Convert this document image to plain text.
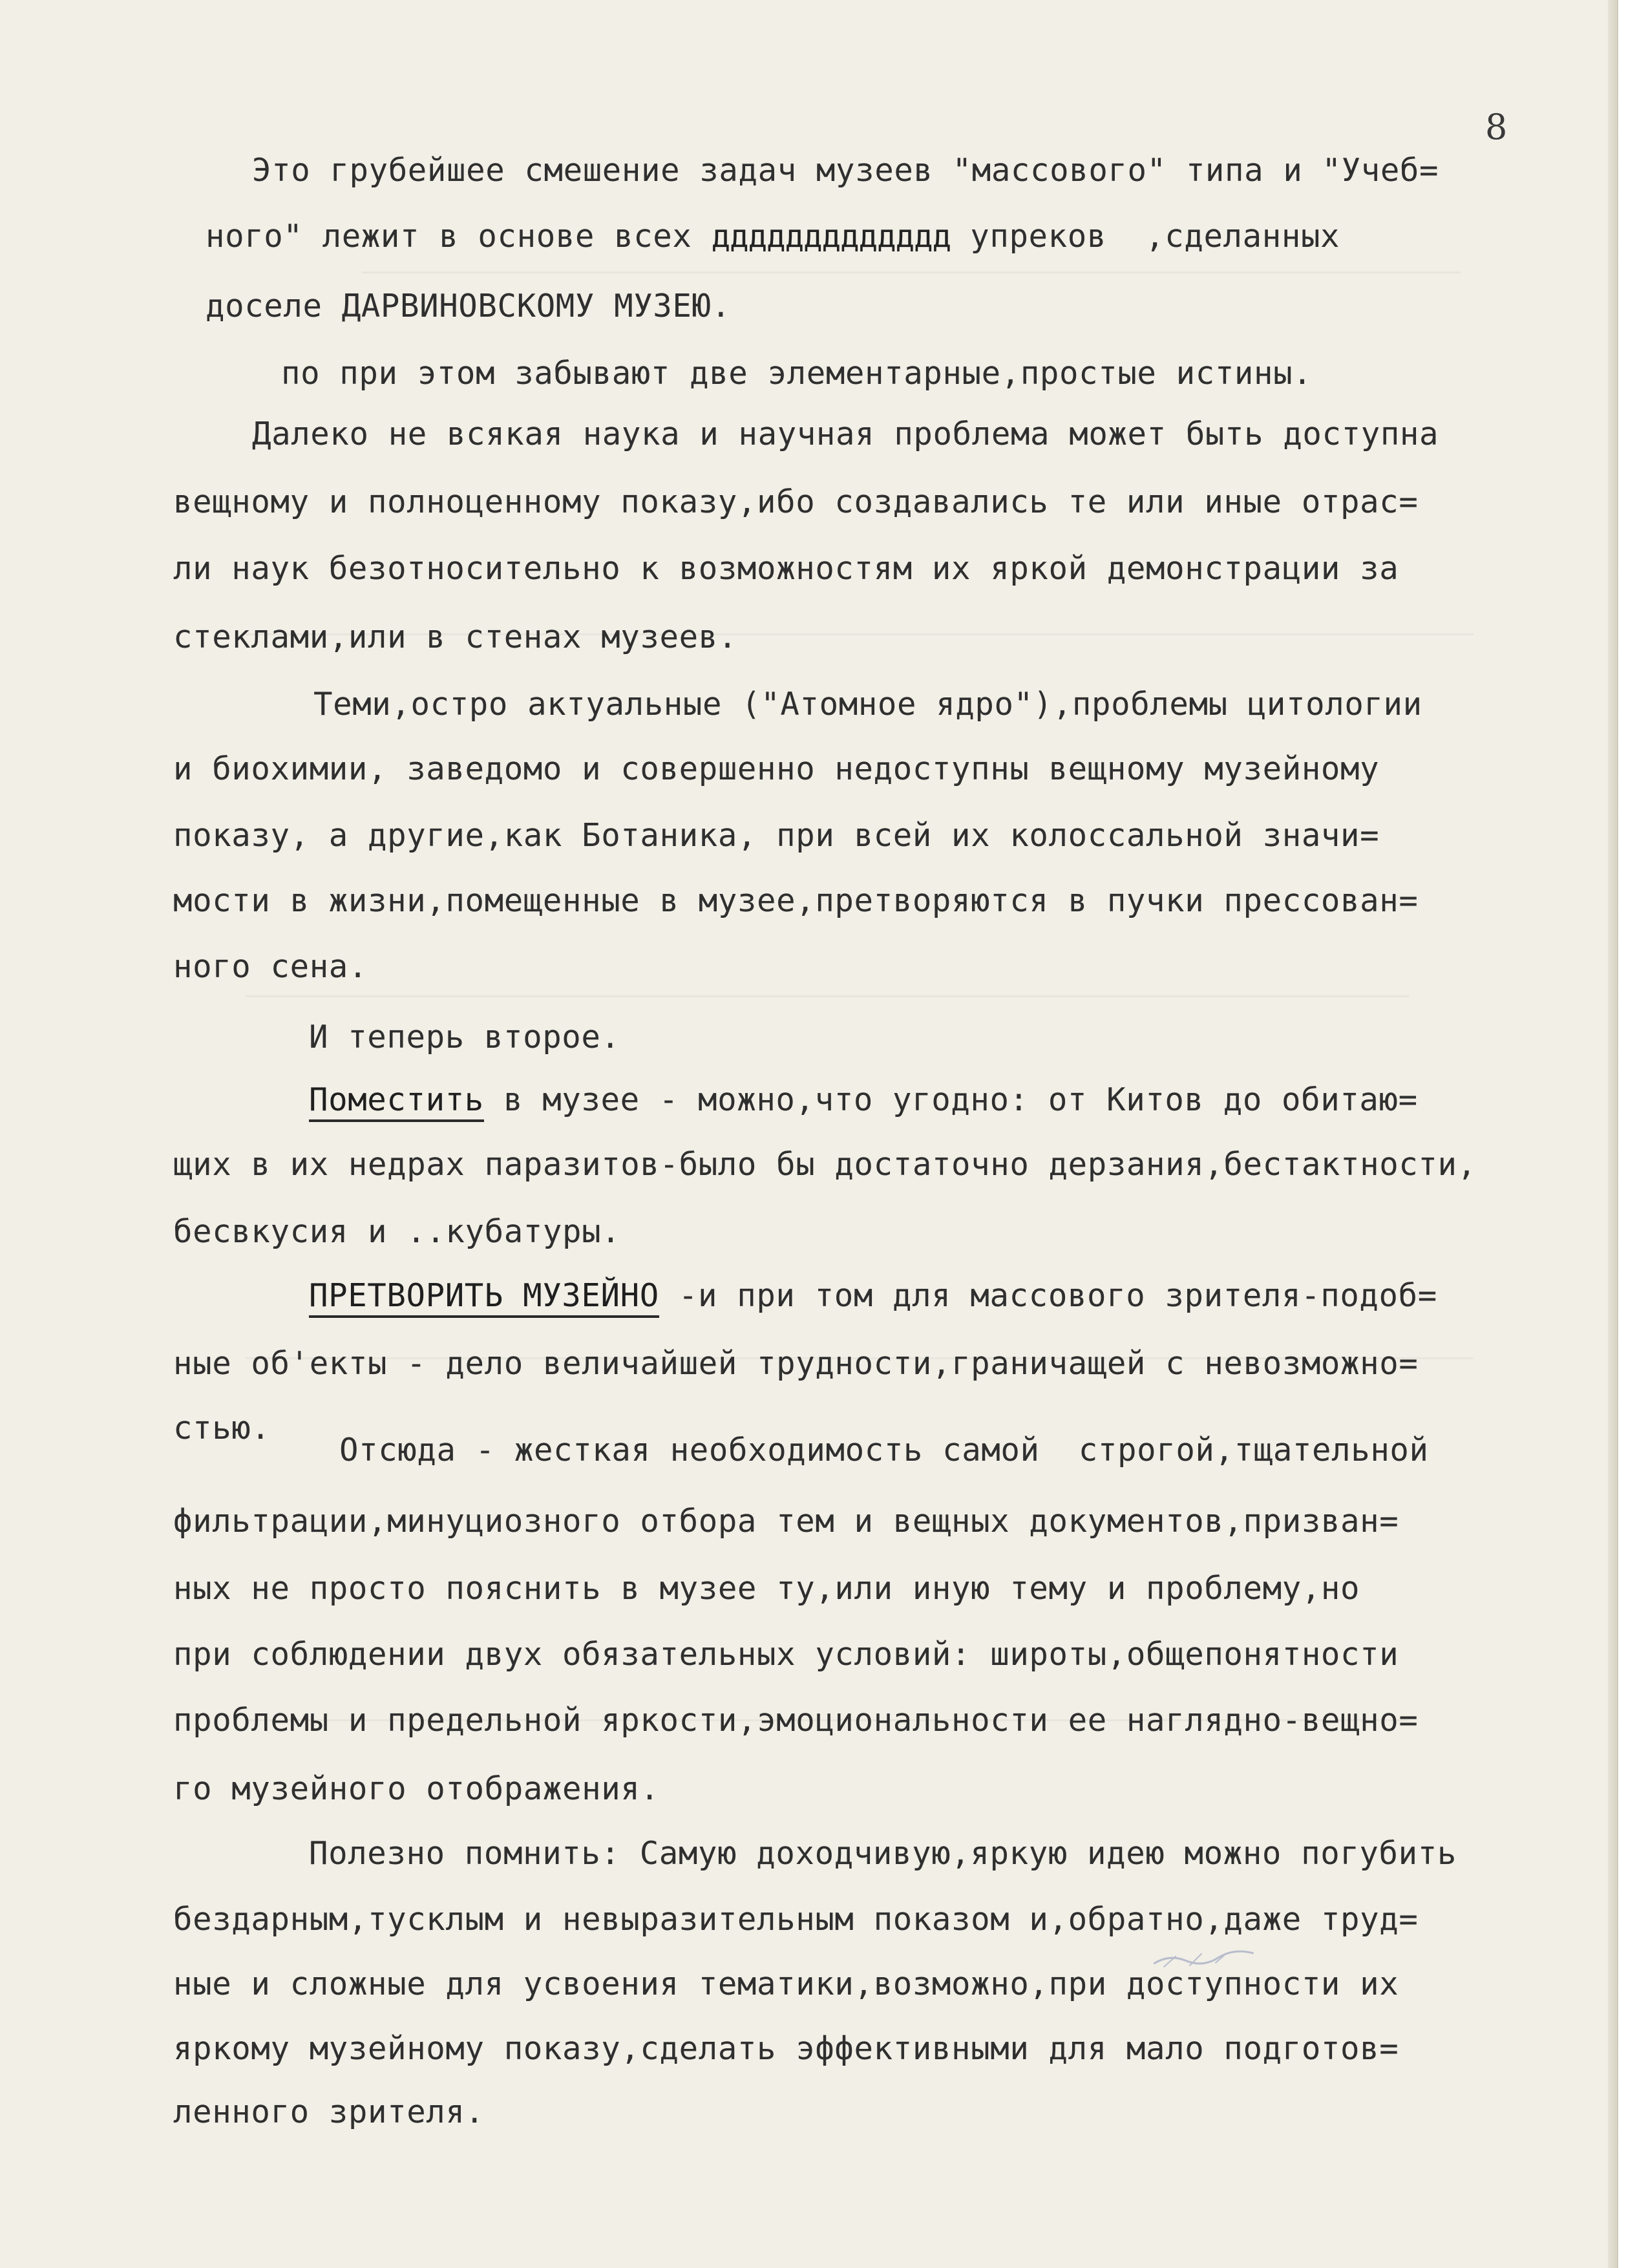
8
Это грубейшее смешение задач музеев "массового" типа и "Учеб=
ного" лежит в основе всех ддддддддддддд упреков  ,сделанных
доселе ДАРВИНОВСКОМУ МУЗЕЮ.
по при этом забывают две элементарные,простые истины.
Далеко не всякая наука и научная проблема может быть доступна
вещному и полноценному показу,ибо создавались те или иные отрас=
ли наук безотносительно к возможностям их яркой демонстрации за
стеклами,или в стенах музеев.
Теми,остро актуальные ("Атомное ядро"),проблемы цитологии
и биохимии, заведомо и совершенно недоступны вещному музейному
показу, а другие,как Ботаника, при всей их колоссальной значи=
мости в жизни,помещенные в музее,претворяются в пучки прессован=
ного сена.
И теперь второе.
Поместить в музее - можно,что угодно: от Китов до обитаю=
щих в их недрах паразитов-было бы достаточно дерзания,бестактности,
бесвкусия и ..кубатуры.
ПРЕТВОРИТЬ МУЗЕЙНО -и при том для массового зрителя-подоб=
ные об'екты - дело величайшей трудности,граничащей с невозможно=
стью.
Отсюда - жесткая необходимость самой  строгой,тщательной
фильтрации,минуциозного отбора тем и вещных документов,призван=
ных не просто пояснить в музее ту,или иную тему и проблему,но
при соблюдении двух обязательных условий: широты,общепонятности
проблемы и предельной яркости,эмоциональности ее наглядно-вещно=
го музейного отображения.
Полезно помнить: Самую доходчивую,яркую идею можно погубить
бездарным,тусклым и невыразительным показом и,обратно,даже труд=
ные и сложные для усвоения тематики,возможно,при доступности их
яркому музейному показу,сделать эффективными для мало подготов=
ленного зрителя.
